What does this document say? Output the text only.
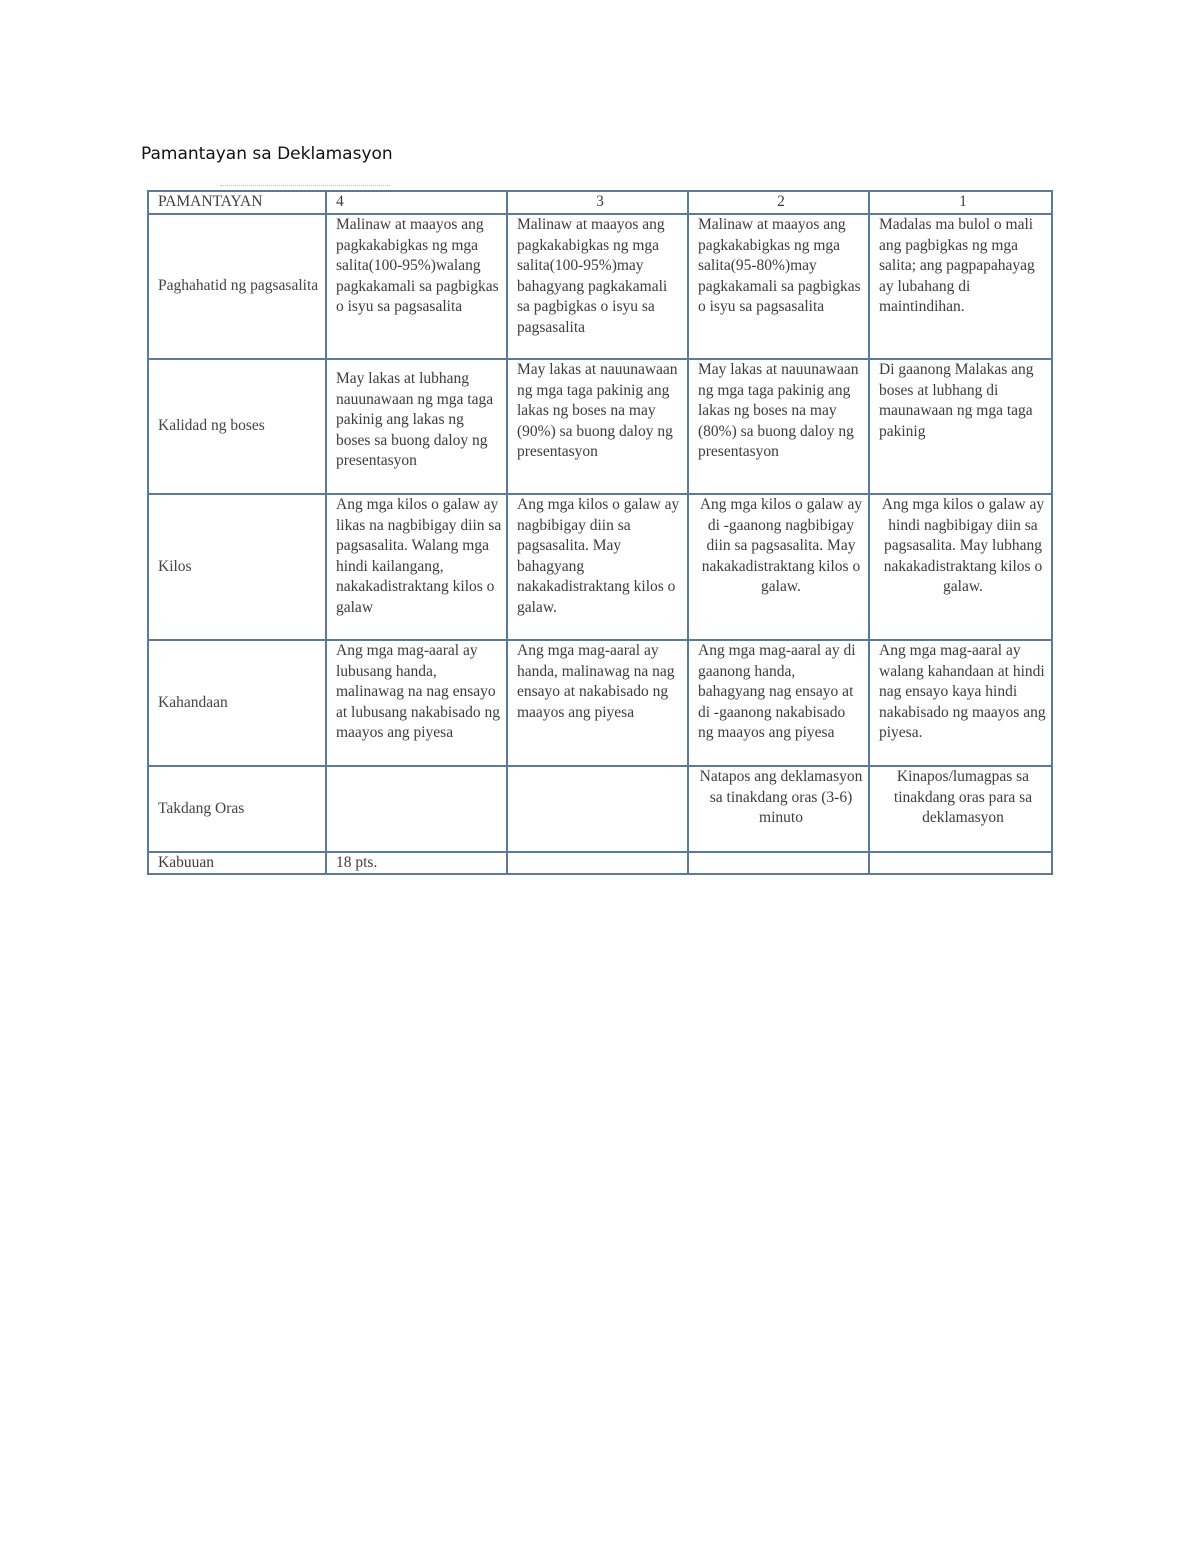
Pamantayan sa Deklamasyon
PAMANTAYAN	4	3	2	1
Paghahatid ng pagsasalita	Malinaw at maayos ang pagkakabigkas ng mga salita(100-95%)walang pagkakamali sa pagbigkas o isyu sa pagsasalita	Malinaw at maayos ang pagkakabigkas ng mga salita(100-95%)may bahagyang pagkakamali sa pagbigkas o isyu sa pagsasalita	Malinaw at maayos ang pagkakabigkas ng mga salita(95-80%)may pagkakamali sa pagbigkas o isyu sa pagsasalita	Madalas ma bulol o mali ang pagbigkas ng mga salita; ang pagpapahayag ay lubahang di maintindihan.
Kalidad ng boses	May lakas at lubhang nauunawaan ng mga taga pakinig ang lakas ng boses sa buong daloy ng presentasyon	May lakas at nauunawaan ng mga taga pakinig ang lakas ng boses na may (90%) sa buong daloy ng presentasyon	May lakas at nauunawaan ng mga taga pakinig ang lakas ng boses na may (80%) sa buong daloy ng presentasyon	Di gaanong Malakas ang boses at lubhang di maunawaan ng mga taga pakinig
Kilos	Ang mga kilos o galaw ay likas na nagbibigay diin sa pagsasalita. Walang mga hindi kailangang, nakakadistraktang kilos o galaw	Ang mga kilos o galaw ay nagbibigay diin sa pagsasalita. May bahagyang nakakadistraktang kilos o galaw.	Ang mga kilos o galaw ay di -gaanong nagbibigay diin sa pagsasalita. May nakakadistraktang kilos o galaw.	Ang mga kilos o galaw ay hindi nagbibigay diin sa pagsasalita. May lubhang nakakadistraktang kilos o galaw.
Kahandaan	Ang mga mag-aaral ay lubusang handa, malinawag na nag ensayo at lubusang nakabisado ng maayos ang piyesa	Ang mga mag-aaral ay handa, malinawag na nag ensayo at nakabisado ng maayos ang piyesa	Ang mga mag-aaral ay di gaanong handa, bahagyang nag ensayo at di -gaanong nakabisado ng maayos ang piyesa	Ang mga mag-aaral ay walang kahandaan at hindi nag ensayo kaya hindi nakabisado ng maayos ang piyesa.
Takdang Oras			Natapos ang deklamasyon sa tinakdang oras (3-6) minuto	Kinapos/lumagpas sa tinakdang oras para sa deklamasyon
Kabuuan	18 pts.			
